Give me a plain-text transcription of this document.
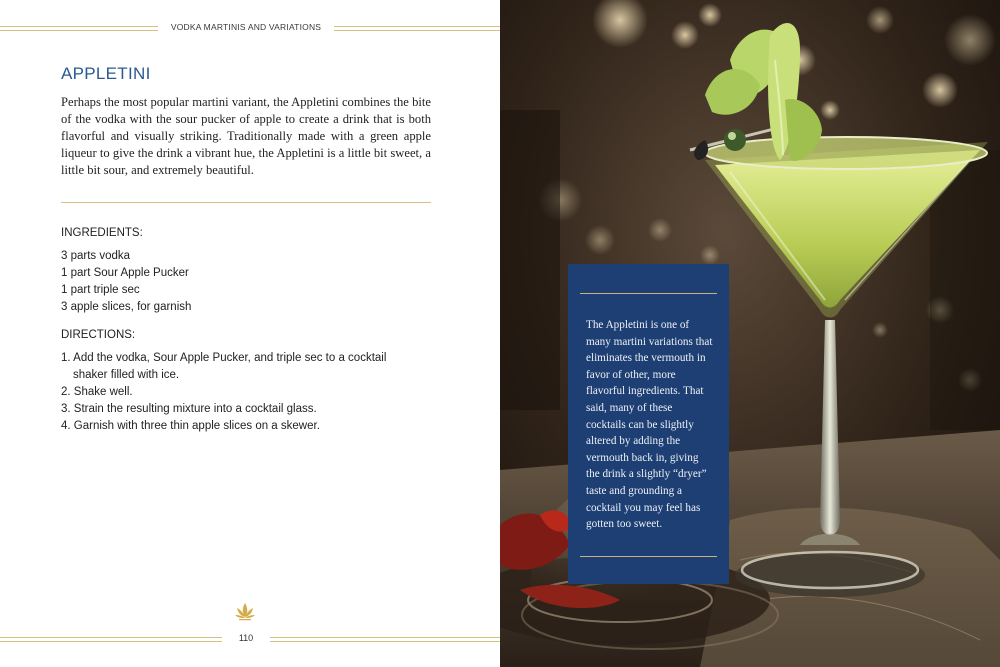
VODKA MARTINIS AND VARIATIONS
APPLETINI

Perhaps the most popular martini variant, the Appletini combines the bite of the vodka with the sour pucker of apple to create a drink that is both flavorful and visually striking. Traditionally made with a green apple liqueur to give the drink a vibrant hue, the Appletini is a little bit sweet, a little bit sour, and extremely beautiful.

INGREDIENTS:
3 parts vodka
1 part Sour Apple Pucker
1 part triple sec
3 apple slices, for garnish
DIRECTIONS:
1. Add the vodka, Sour Apple Pucker, and triple sec to a cocktail shaker filled with ice.
2. Shake well.
3. Strain the resulting mixture into a cocktail glass.
4. Garnish with three thin apple slices on a skewer.
110

The Appletini is one of many martini variations that eliminates the vermouth in favor of other, more flavorful ingredients. That said, many of these cocktails can be slightly altered by adding the vermouth back in, giving the drink a slightly “dryer” taste and grounding a cocktail you may feel has gotten too sweet.
